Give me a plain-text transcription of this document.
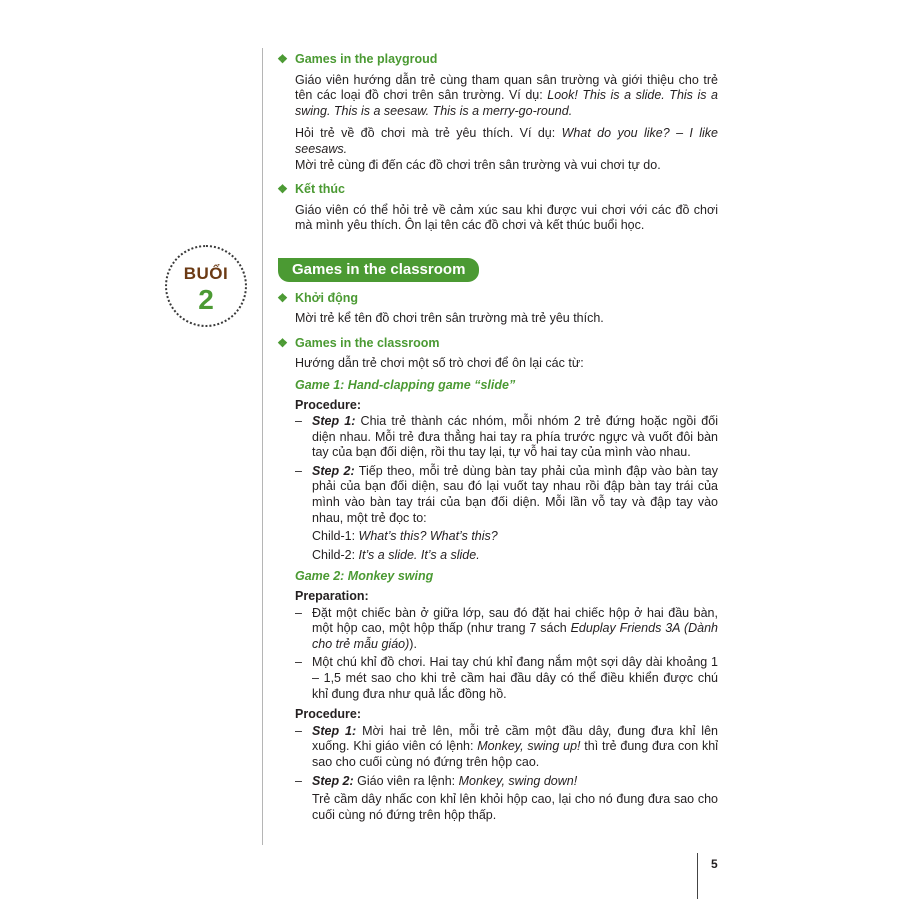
BUỔI
2
❖ Games in the playgroud
Giáo viên hướng dẫn trẻ cùng tham quan sân trường và giới thiệu cho trẻ tên các loại đồ chơi trên sân trường. Ví dụ: Look! This is a slide. This is a swing. This is a seesaw. This is a merry-go-round.
Hỏi trẻ về đồ chơi mà trẻ yêu thích. Ví dụ: What do you like? – I like seesaws.
Mời trẻ cùng đi đến các đồ chơi trên sân trường và vui chơi tự do.
❖ Kết thúc
Giáo viên có thể hỏi trẻ về cảm xúc sau khi được vui chơi với các đồ chơi mà mình yêu thích. Ôn lại tên các đồ chơi và kết thúc buổi học.
Games in the classroom
❖ Khởi động
Mời trẻ kể tên đồ chơi trên sân trường mà trẻ yêu thích.
❖ Games in the classroom
Hướng dẫn trẻ chơi một số trò chơi để ôn lại các từ:
Game 1: Hand-clapping game “slide”
Procedure:
– Step 1: Chia trẻ thành các nhóm, mỗi nhóm 2 trẻ đứng hoặc ngồi đối diện nhau. Mỗi trẻ đưa thẳng hai tay ra phía trước ngực và vuốt đôi bàn tay của bạn đối diện, rồi thu tay lại, tự vỗ hai tay của mình vào nhau.
– Step 2: Tiếp theo, mỗi trẻ dùng bàn tay phải của mình đập vào bàn tay phải của bạn đối diện, sau đó lại vuốt tay nhau rồi đập bàn tay trái của mình vào bàn tay trái của bạn đối diện. Mỗi lần vỗ tay và đập tay vào nhau, một trẻ đọc to:
Child-1: What’s this? What’s this?
Child-2: It’s a slide. It’s a slide.
Game 2: Monkey swing
Preparation:
– Đặt một chiếc bàn ở giữa lớp, sau đó đặt hai chiếc hộp ở hai đầu bàn, một hộp cao, một hộp thấp (như trang 7 sách Eduplay Friends 3A (Dành cho trẻ mẫu giáo)).
– Một chú khỉ đồ chơi. Hai tay chú khỉ đang nắm một sợi dây dài khoảng 1 – 1,5 mét sao cho khi trẻ cầm hai đầu dây có thể điều khiển được chú khỉ đung đưa như quả lắc đồng hồ.
Procedure:
– Step 1: Mời hai trẻ lên, mỗi trẻ cầm một đầu dây, đung đưa khỉ lên xuống. Khi giáo viên có lệnh: Monkey, swing up! thì trẻ đung đưa con khỉ sao cho cuối cùng nó đứng trên hộp cao.
– Step 2: Giáo viên ra lệnh: Monkey, swing down!
Trẻ cầm dây nhấc con khỉ lên khỏi hộp cao, lại cho nó đung đưa sao cho cuối cùng nó đứng trên hộp thấp.
5
